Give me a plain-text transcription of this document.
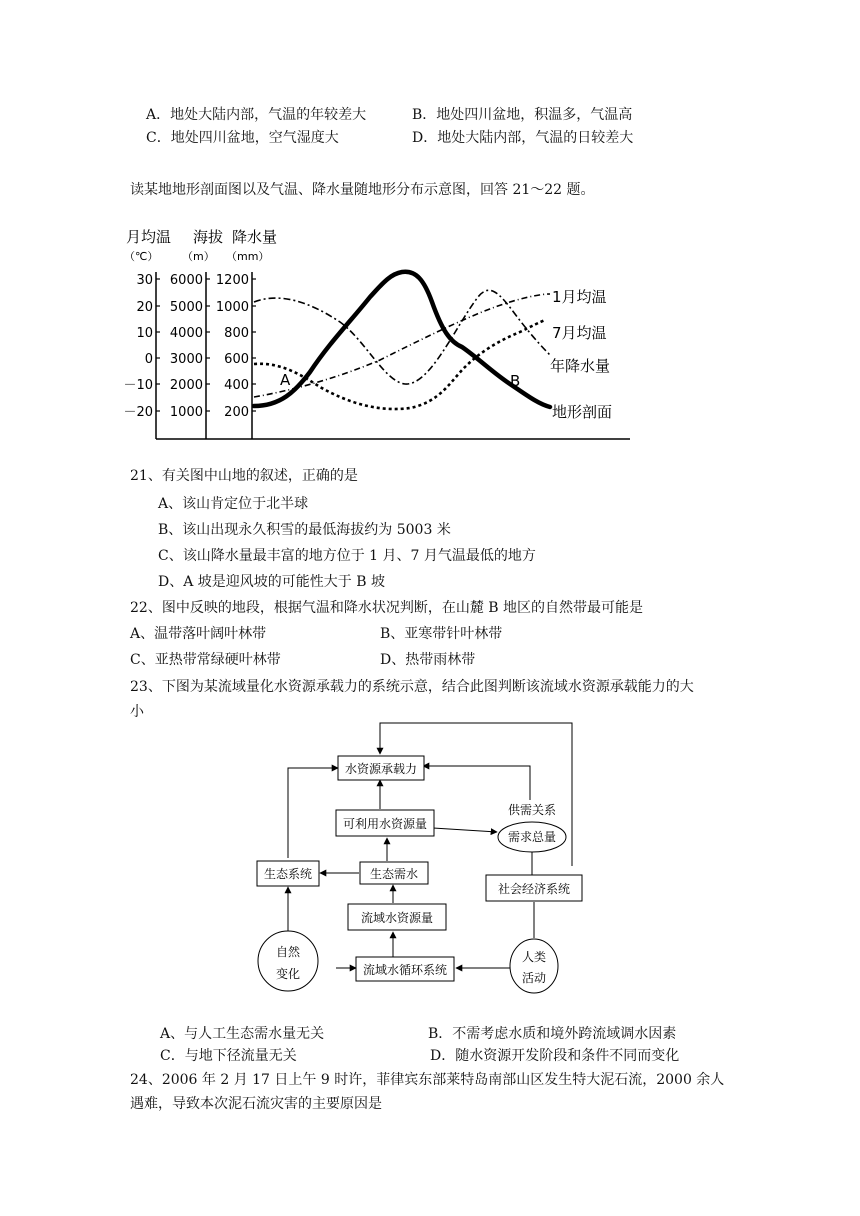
A．地处大陆内部，气温的年较差大	B．地处四川盆地，积温多，气温高
C．地处四川盆地，空气湿度大	D．地处大陆内部，气温的日较差大
读某地地形剖面图以及气温、降水量随地形分布示意图，回答 21～22 题。
月均温 海拔 降水量
（℃） （m） （mm）
30
20
10
0
－10
－20
6000
5000
4000
3000
2000
1000
1200
1000
800
600
400
200
1月均温
7月均温
年降水量
地形剖面
A	B
21、有关图中山地的叙述，正确的是
A、该山肯定位于北半球
B、该山出现永久积雪的最低海拔约为 5003 米
C、该山降水量最丰富的地方位于 1 月、7 月气温最低的地方
D、A 坡是迎风坡的可能性大于 B 坡
22、图中反映的地段，根据气温和降水状况判断，在山麓 B 地区的自然带最可能是
A、温带落叶阔叶林带	B、亚寒带针叶林带
C、亚热带常绿硬叶林带	D、热带雨林带
23、下图为某流域量化水资源承载力的系统示意，结合此图判断该流域水资源承载能力的大
小
水资源承载力
可利用水资源量
供需关系
需求总量
生态系统	生态需水
流域水资源量
社会经济系统
自然
变化	流域水循环系统
人类
活动
A、与人工生态需水量无关	B．不需考虑水质和境外跨流域调水因素
C．与地下径流量无关	D．随水资源开发阶段和条件不同而变化
24、2006 年 2 月 17 日上午 9 时许，菲律宾东部莱特岛南部山区发生特大泥石流，2000 余人
遇难，导致本次泥石流灾害的主要原因是
